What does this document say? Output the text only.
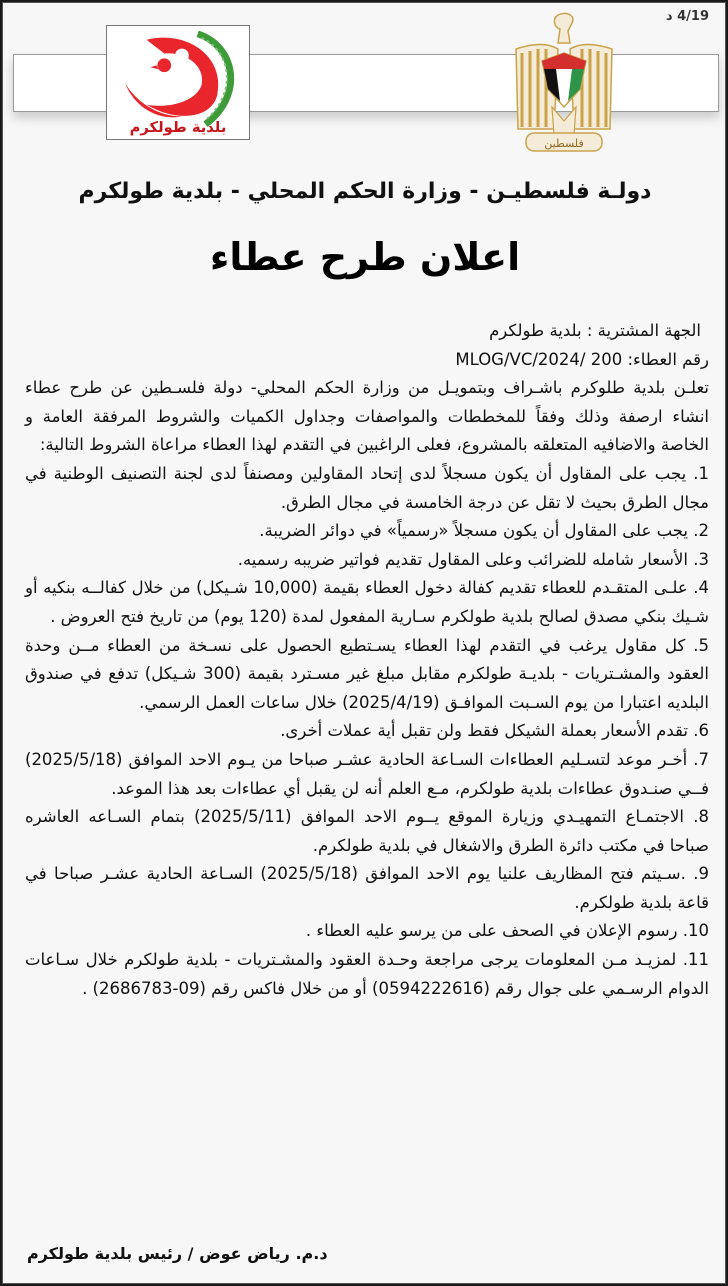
4/19 د
بلدية طولكرم
فلسطين
دولـة فلسطيـن - وزارة الحكم المحلي - بلدية طولكرم
اعلان طرح عطاء

الجهة المشترية : بلدية طولكرم

رقم العطاء: 200 /MLOG/VC/2024

تعلـن بلدية طلوكرم باشـراف وبتمويـل من وزارة الحكم المحلي- دولة فلسـطين عن طرح عطاء انشاء ارصفة وذلك وفقاً للمخططات والمواصفات وجداول الكميات والشروط المرفقة العامة و الخاصة والاضافيه المتعلقه بالمشروع، فعلى الراغبين في التقدم لهذا العطاء مراعاة الشروط التالية:

1. يجب على المقاول أن يكون مسجلاً لدى إتحاد المقاولين ومصنفاً لدى لجنة التصنيف الوطنية في مجال الطرق بحيث لا تقل عن درجة الخامسة في مجال الطرق.
2. يجب على المقاول أن يكون مسجلاً «رسمياً» في دوائر الضريبة.
3. الأسعار شامله للضرائب وعلى المقاول تقديم فواتير ضريبه رسميه.
4. علـى المتقـدم للعطاء تقديم كفالة دخول العطاء بقيمة (10,000 شـيكل) من خلال كفالــه بنكيه أو شـيك بنكي مصدق لصالح بلدية طولكرم سـارية المفعول لمدة (120 يوم) من تاريخ فتح العروض .
5. كل مقاول يرغب في التقدم لهذا العطاء يسـتطيع الحصول على نسـخة من العطاء مــن وحدة العقود والمشـتريات - بلديـة طولكرم مقابل مبلغ غير مسـترد بقيمة (300 شـيكل) تدفع في صندوق البلديه اعتبارا من يوم السـبت الموافـق (2025/4/19) خلال ساعات العمل الرسمي.
6. تقدم الأسعار بعملة الشيكل فقط ولن تقبل أية عملات أخرى.
7. أخـر موعد لتسـليم العطاءات السـاعة الحادية عشـر صباحا من يـوم الاحد الموافق (2025/5/18) فــي صنـدوق عطاءات بلدية طولكرم، مـع العلم أنه لن يقبل أي عطاءات بعد هذا الموعد.
8. الاجتمـاع التمهيـدي وزيارة الموقع يــوم الاحد الموافق (2025/5/11) بتمام السـاعه العاشره صباحا في مكتب دائرة الطرق والاشغال في بلدية طولكرم.
9. .سـيتم فتح المظاريف علنيا يوم الاحد الموافق (2025/5/18) السـاعة الحادية عشـر صباحا في قاعة بلدية طولكرم.
10. رسوم الإعلان في الصحف على من يرسو عليه العطاء .
11. لمزيـد مـن المعلومات يرجى مراجعة وحـدة العقود والمشـتريات - بلدية طولكرم خلال سـاعات الدوام الرسـمي على جوال رقم (0594222616) أو من خلال فاكس رقم (09-2686783) .
د.م. رياض عوض / رئيس بلدية طولكرم
